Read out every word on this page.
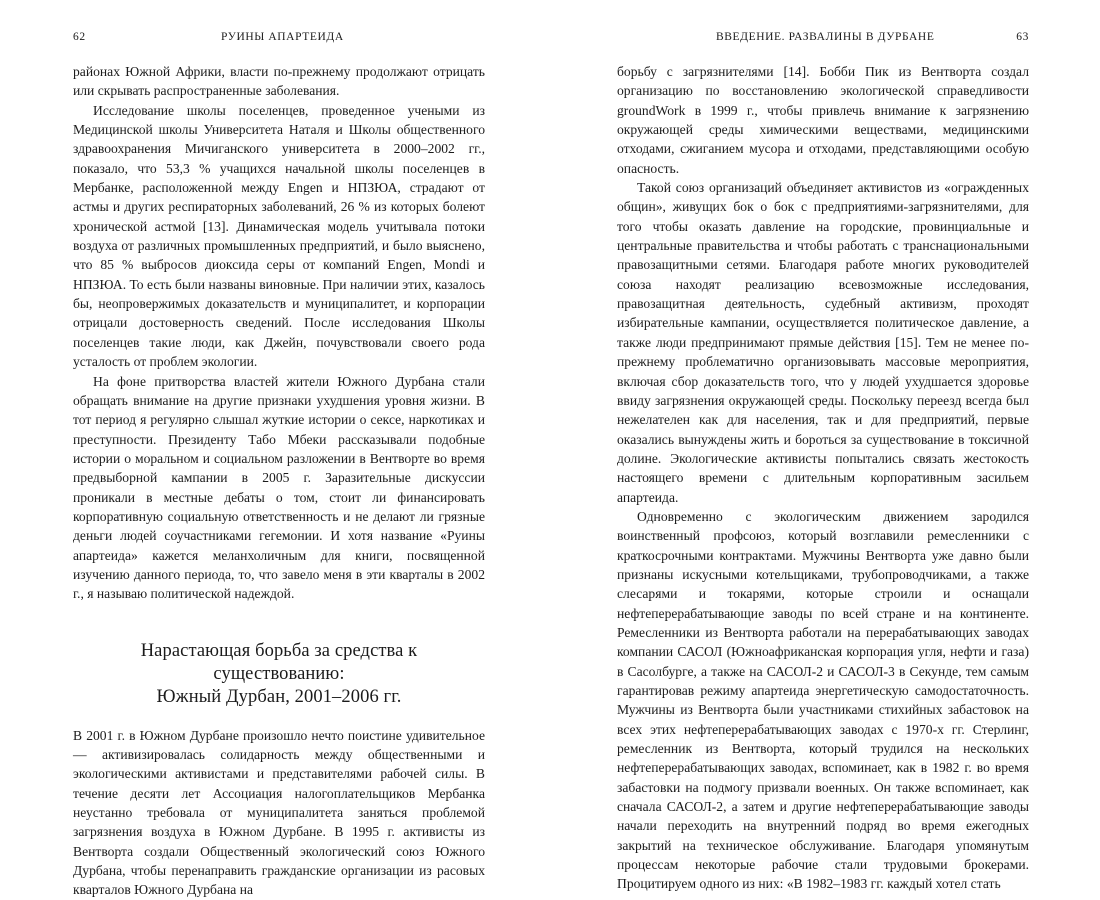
62	РУИНЫ АПАРТЕИДА

районах Южной Африки, власти по-прежнему продолжают отрицать или скрывать распространенные заболевания.

Исследование школы поселенцев, проведенное учеными из Медицинской школы Университета Наталя и Школы общественного здравоохранения Мичиганского университета в 2000–2002 гг., показало, что 53,3 % учащихся начальной школы поселенцев в Мербанке, расположенной между Engen и НПЗЮА, страдают от астмы и других респираторных заболеваний, 26 % из которых болеют хронической астмой [13]. Динамическая модель учитывала потоки воздуха от различных промышленных предприятий, и было выяснено, что 85 % выбросов диоксида серы от компаний Engen, Mondi и НПЗЮА. То есть были названы виновные. При наличии этих, казалось бы, неопровержимых доказательств и муниципалитет, и корпорации отрицали достоверность сведений. После исследования Школы поселенцев такие люди, как Джейн, почувствовали своего рода усталость от проблем экологии.

На фоне притворства властей жители Южного Дурбана стали обращать внимание на другие признаки ухудшения уровня жизни. В тот период я регулярно слышал жуткие истории о сексе, наркотиках и преступности. Президенту Табо Мбеки рассказывали подобные истории о моральном и социальном разложении в Вентворте во время предвыборной кампании в 2005 г. Заразительные дискуссии проникали в местные дебаты о том, стоит ли финансировать корпоративную социальную ответственность и не делают ли грязные деньги людей соучастниками гегемонии. И хотя название «Руины апартеида» кажется меланхоличным для книги, посвященной изучению данного периода, то, что завело меня в эти кварталы в 2002 г., я называю политической надеждой.

Нарастающая борьба за средства к существованию:
Южный Дурбан, 2001–2006 гг.

В 2001 г. в Южном Дурбане произошло нечто поистине удивительное — активизировалась солидарность между общественными и экологическими активистами и представителями рабочей силы. В течение десяти лет Ассоциация налогоплательщиков Мербанка неустанно требовала от муниципалитета заняться проблемой загрязнения воздуха в Южном Дурбане. В 1995 г. активисты из Вентворта создали Общественный экологический союз Южного Дурбана, чтобы перенаправить гражданские организации из расовых кварталов Южного Дурбана на

ВВЕДЕНИЕ. РАЗВАЛИНЫ В ДУРБАНЕ	63

борьбу с загрязнителями [14]. Бобби Пик из Вентворта создал организацию по восстановлению экологической справедливости groundWork в 1999 г., чтобы привлечь внимание к загрязнению окружающей среды химическими веществами, медицинскими отходами, сжиганием мусора и отходами, представляющими особую опасность.

Такой союз организаций объединяет активистов из «огражденных общин», живущих бок о бок с предприятиями-загрязнителями, для того чтобы оказать давление на городские, провинциальные и центральные правительства и чтобы работать с транснациональными правозащитными сетями. Благодаря работе многих руководителей союза находят реализацию всевозможные исследования, правозащитная деятельность, судебный активизм, проходят избирательные кампании, осуществляется политическое давление, а также люди предпринимают прямые действия [15]. Тем не менее по-прежнему проблематично организовывать массовые мероприятия, включая сбор доказательств того, что у людей ухудшается здоровье ввиду загрязнения окружающей среды. Поскольку переезд всегда был нежелателен как для населения, так и для предприятий, первые оказались вынуждены жить и бороться за существование в токсичной долине. Экологические активисты попытались связать жестокость настоящего времени с длительным корпоративным засильем апартеида.

Одновременно с экологическим движением зародился воинственный профсоюз, который возглавили ремесленники с краткосрочными контрактами. Мужчины Вентворта уже давно были признаны искусными котельщиками, трубопроводчиками, а также слесарями и токарями, которые строили и оснащали нефтеперерабатывающие заводы по всей стране и на континенте. Ремесленники из Вентворта работали на перерабатывающих заводах компании САСОЛ (Южноафриканская корпорация угля, нефти и газа) в Сасолбурге, а также на САСОЛ-2 и САСОЛ-3 в Секунде, тем самым гарантировав режиму апартеида энергетическую самодостаточность. Мужчины из Вентворта были участниками стихийных забастовок на всех этих нефтеперерабатывающих заводах с 1970-х гг. Стерлинг, ремесленник из Вентворта, который трудился на нескольких нефтеперерабатывающих заводах, вспоминает, как в 1982 г. во время забастовки на подмогу призвали военных. Он также вспоминает, как сначала САСОЛ-2, а затем и другие нефтеперерабатывающие заводы начали переходить на внутренний подряд во время ежегодных закрытий на техническое обслуживание. Благодаря упомянутым процессам некоторые рабочие стали трудовыми брокерами. Процитируем одного из них: «В 1982–1983 гг. каждый хотел стать
